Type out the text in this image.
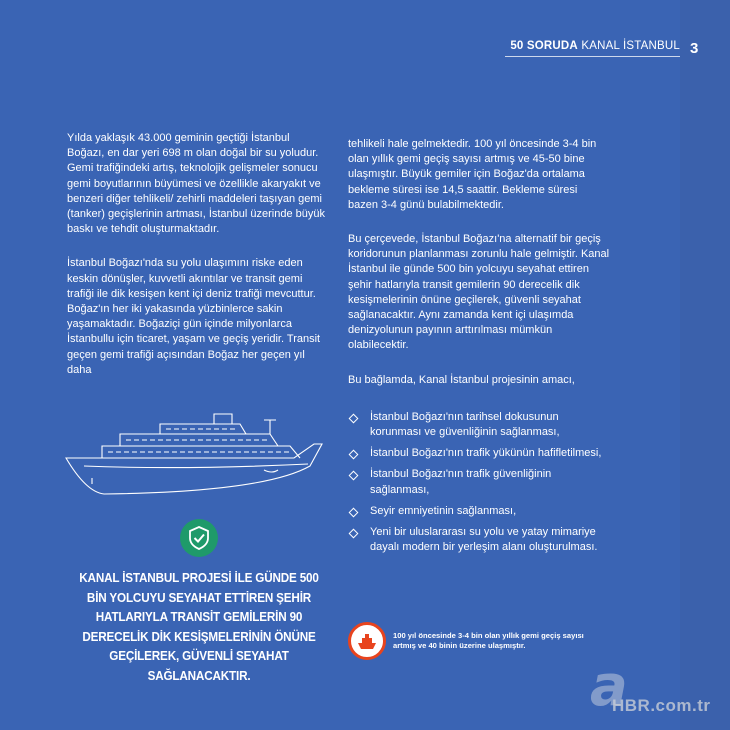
50 SORUDA KANAL İSTANBUL 3

Yılda yaklaşık 43.000 geminin geçtiği İstanbul Boğazı, en dar yeri 698 m olan doğal bir su yoludur. Gemi trafiğindeki artış, teknolojik gelişmeler sonucu gemi boyutlarının büyümesi ve özellikle akaryakıt ve benzeri diğer tehlikeli/ zehirli maddeleri taşıyan gemi (tanker) geçişlerinin artması, İstanbul üzerinde büyük baskı ve tehdit oluşturmaktadır.

İstanbul Boğazı'nda su yolu ulaşımını riske eden keskin dönüşler, kuvvetli akıntılar ve transit gemi trafiği ile dik kesişen kent içi deniz trafiği mevcuttur. Boğaz'ın her iki yakasında yüzbinlerce sakin yaşamaktadır. Boğaziçi gün içinde milyonlarca İstanbullu için ticaret, yaşam ve geçiş yeridir. Transit geçen gemi trafiği açısından Boğaz her geçen yıl daha

tehlikeli hale gelmektedir. 100 yıl öncesinde 3-4 bin olan yıllık gemi geçiş sayısı artmış ve 45-50 bine ulaşmıştır. Büyük gemiler için Boğaz'da ortalama bekleme süresi ise 14,5 saattir. Bekleme süresi bazen 3-4 günü bulabilmektedir.

Bu çerçevede, İstanbul Boğazı'na alternatif bir geçiş koridorunun planlanması zorunlu hale gelmiştir. Kanal İstanbul ile günde 500 bin yolcuyu seyahat ettiren şehir hatlarıyla transit gemilerin 90 derecelik dik kesişmelerinin önüne geçilerek, güvenli seyahat sağlanacaktır. Aynı zamanda kent içi ulaşımda denizyolunun payının arttırılması mümkün olabilecektir.

Bu bağlamda, Kanal İstanbul projesinin amacı,

İstanbul Boğazı'nın tarihsel dokusunun korunması ve güvenliğinin sağlanması,
İstanbul Boğazı'nın trafik yükünün hafifletilmesi,
İstanbul Boğazı'nın trafik güvenliğinin sağlanması,
Seyir emniyetinin sağlanması,
Yeni bir uluslararası su yolu ve yatay mimariye dayalı modern bir yerleşim alanı oluşturulması.
KANAL İSTANBUL PROJESİ İLE GÜNDE 500 BİN YOLCUYU SEYAHAT ETTİREN ŞEHİR HATLARIYLA TRANSİT GEMİLERİN 90 DERECELİK DİK KESİŞMELERİNİN ÖNÜNE GEÇİLEREK, GÜVENLİ SEYAHAT SAĞLANACAKTIR.
100 yıl öncesinde 3-4 bin olan yıllık gemi geçiş sayısı artmış ve 40 binin üzerine ulaşmıştır.
a
HBR.com.tr
